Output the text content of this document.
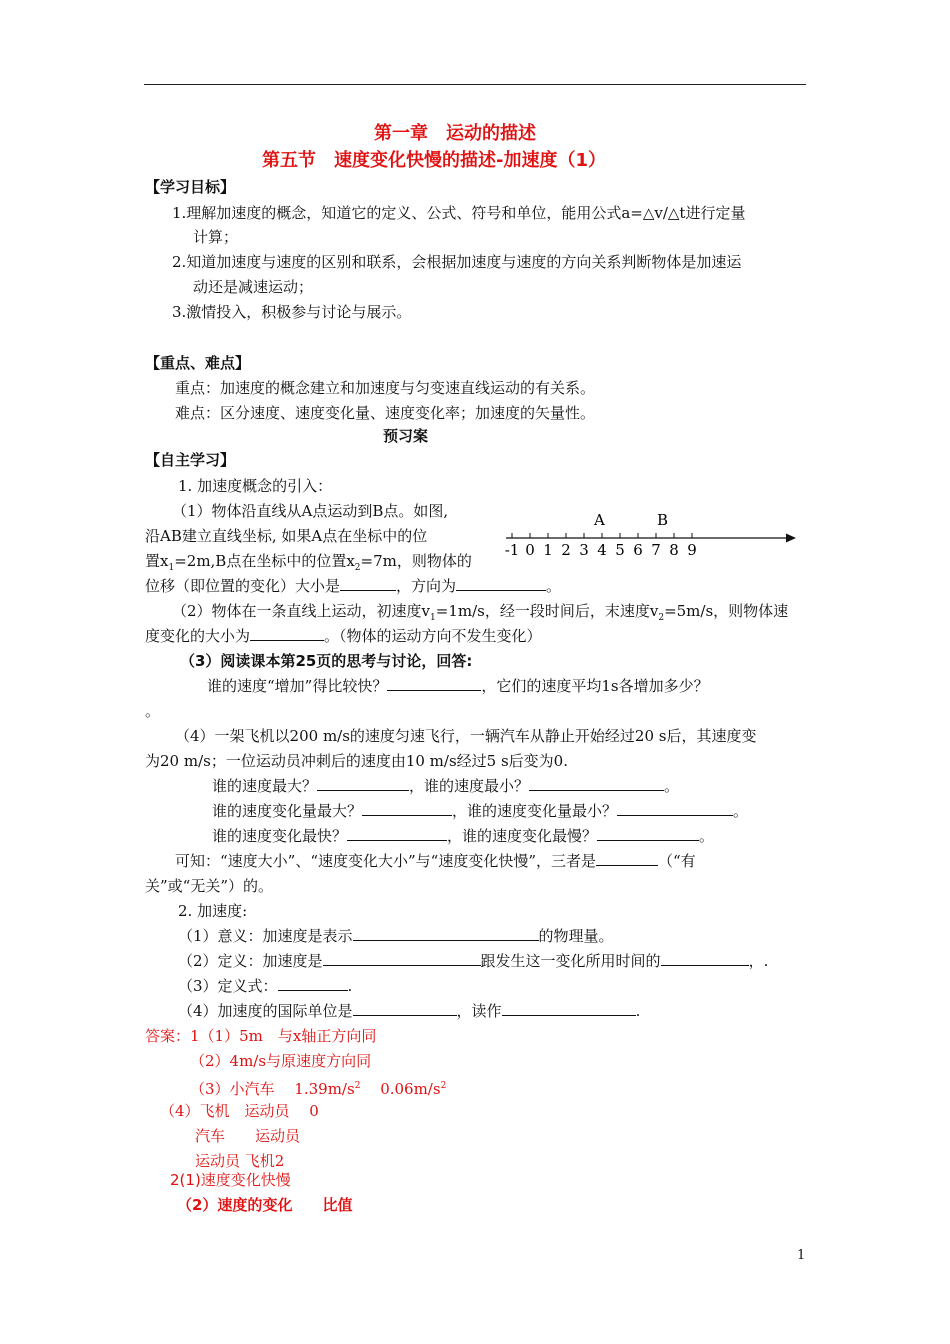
第一章　运动的描述
第五节　速度变化快慢的描述-加速度（1）
【学习目标】
1.理解加速度的概念，知道它的定义、公式、符号和单位，能用公式a=△v/△t进行定量
计算；
2.知道加速度与速度的区别和联系，会根据加速度与速度的方向关系判断物体是加速运
动还是减速运动；
3.激情投入，积极参与讨论与展示。
【重点、难点】
重点：加速度的概念建立和加速度与匀变速直线运动的有关系。
难点：区分速度、速度变化量、速度变化率；加速度的矢量性。
预习案
【自主学习】
1. 加速度概念的引入：
（1）物体沿直线从A点运动到B点。如图,
沿AB建立直线坐标, 如果A点在坐标中的位
置$x_1=2m,B$点在坐标中的位置$x_2=7m$，则物体的
位移（即位置的变化）大小是	，方向为	。
A	B
-1 0 1 2 3 4 5 6 7 8 9
（2）物体在一条直线上运动，初速度$v_1=1m/s$，经一段时间后，末速度$v_2=5m/s$，则物体速
度变化的大小为	。（物体的运动方向不发生变化）
（3）阅读课本第25页的思考与讨论，回答:
谁的速度“增加”得比较快？	，它们的速度平均1s各增加多少？
。
（4）一架飞机以200 m/s的速度匀速飞行，一辆汽车从静止开始经过20 s后，其速度变
为20 m/s；一位运动员冲刺后的速度由10 m/s经过5 s后变为0.
谁的速度最大？	，谁的速度最小？	。
谁的速度变化量最大？	，谁的速度变化量最小？	。
谁的速度变化最快？	，谁的速度变化最慢？	。
可知：“速度大小”、“速度变化大小”与“速度变化快慢”，三者是	（“有
关”或“无关”）的。
2. 加速度:
（1）意义：加速度是表示	的物理量。
（2）定义：加速度是	跟发生这一变化所用时间的	，.
（3）定义式：	.
（4）加速度的国际单位是	，读作	.
答案：1（1）5m　与x轴正方向同
（2）4m/s与原速度方向同
（3）小汽车　 $1.39m/s^2$　 $0.06m/s^2$
（4）飞机　运动员　 0
汽车　　运动员
运动员 飞机2
2(1)速度变化快慢
（2）速度的变化　　比值
1
